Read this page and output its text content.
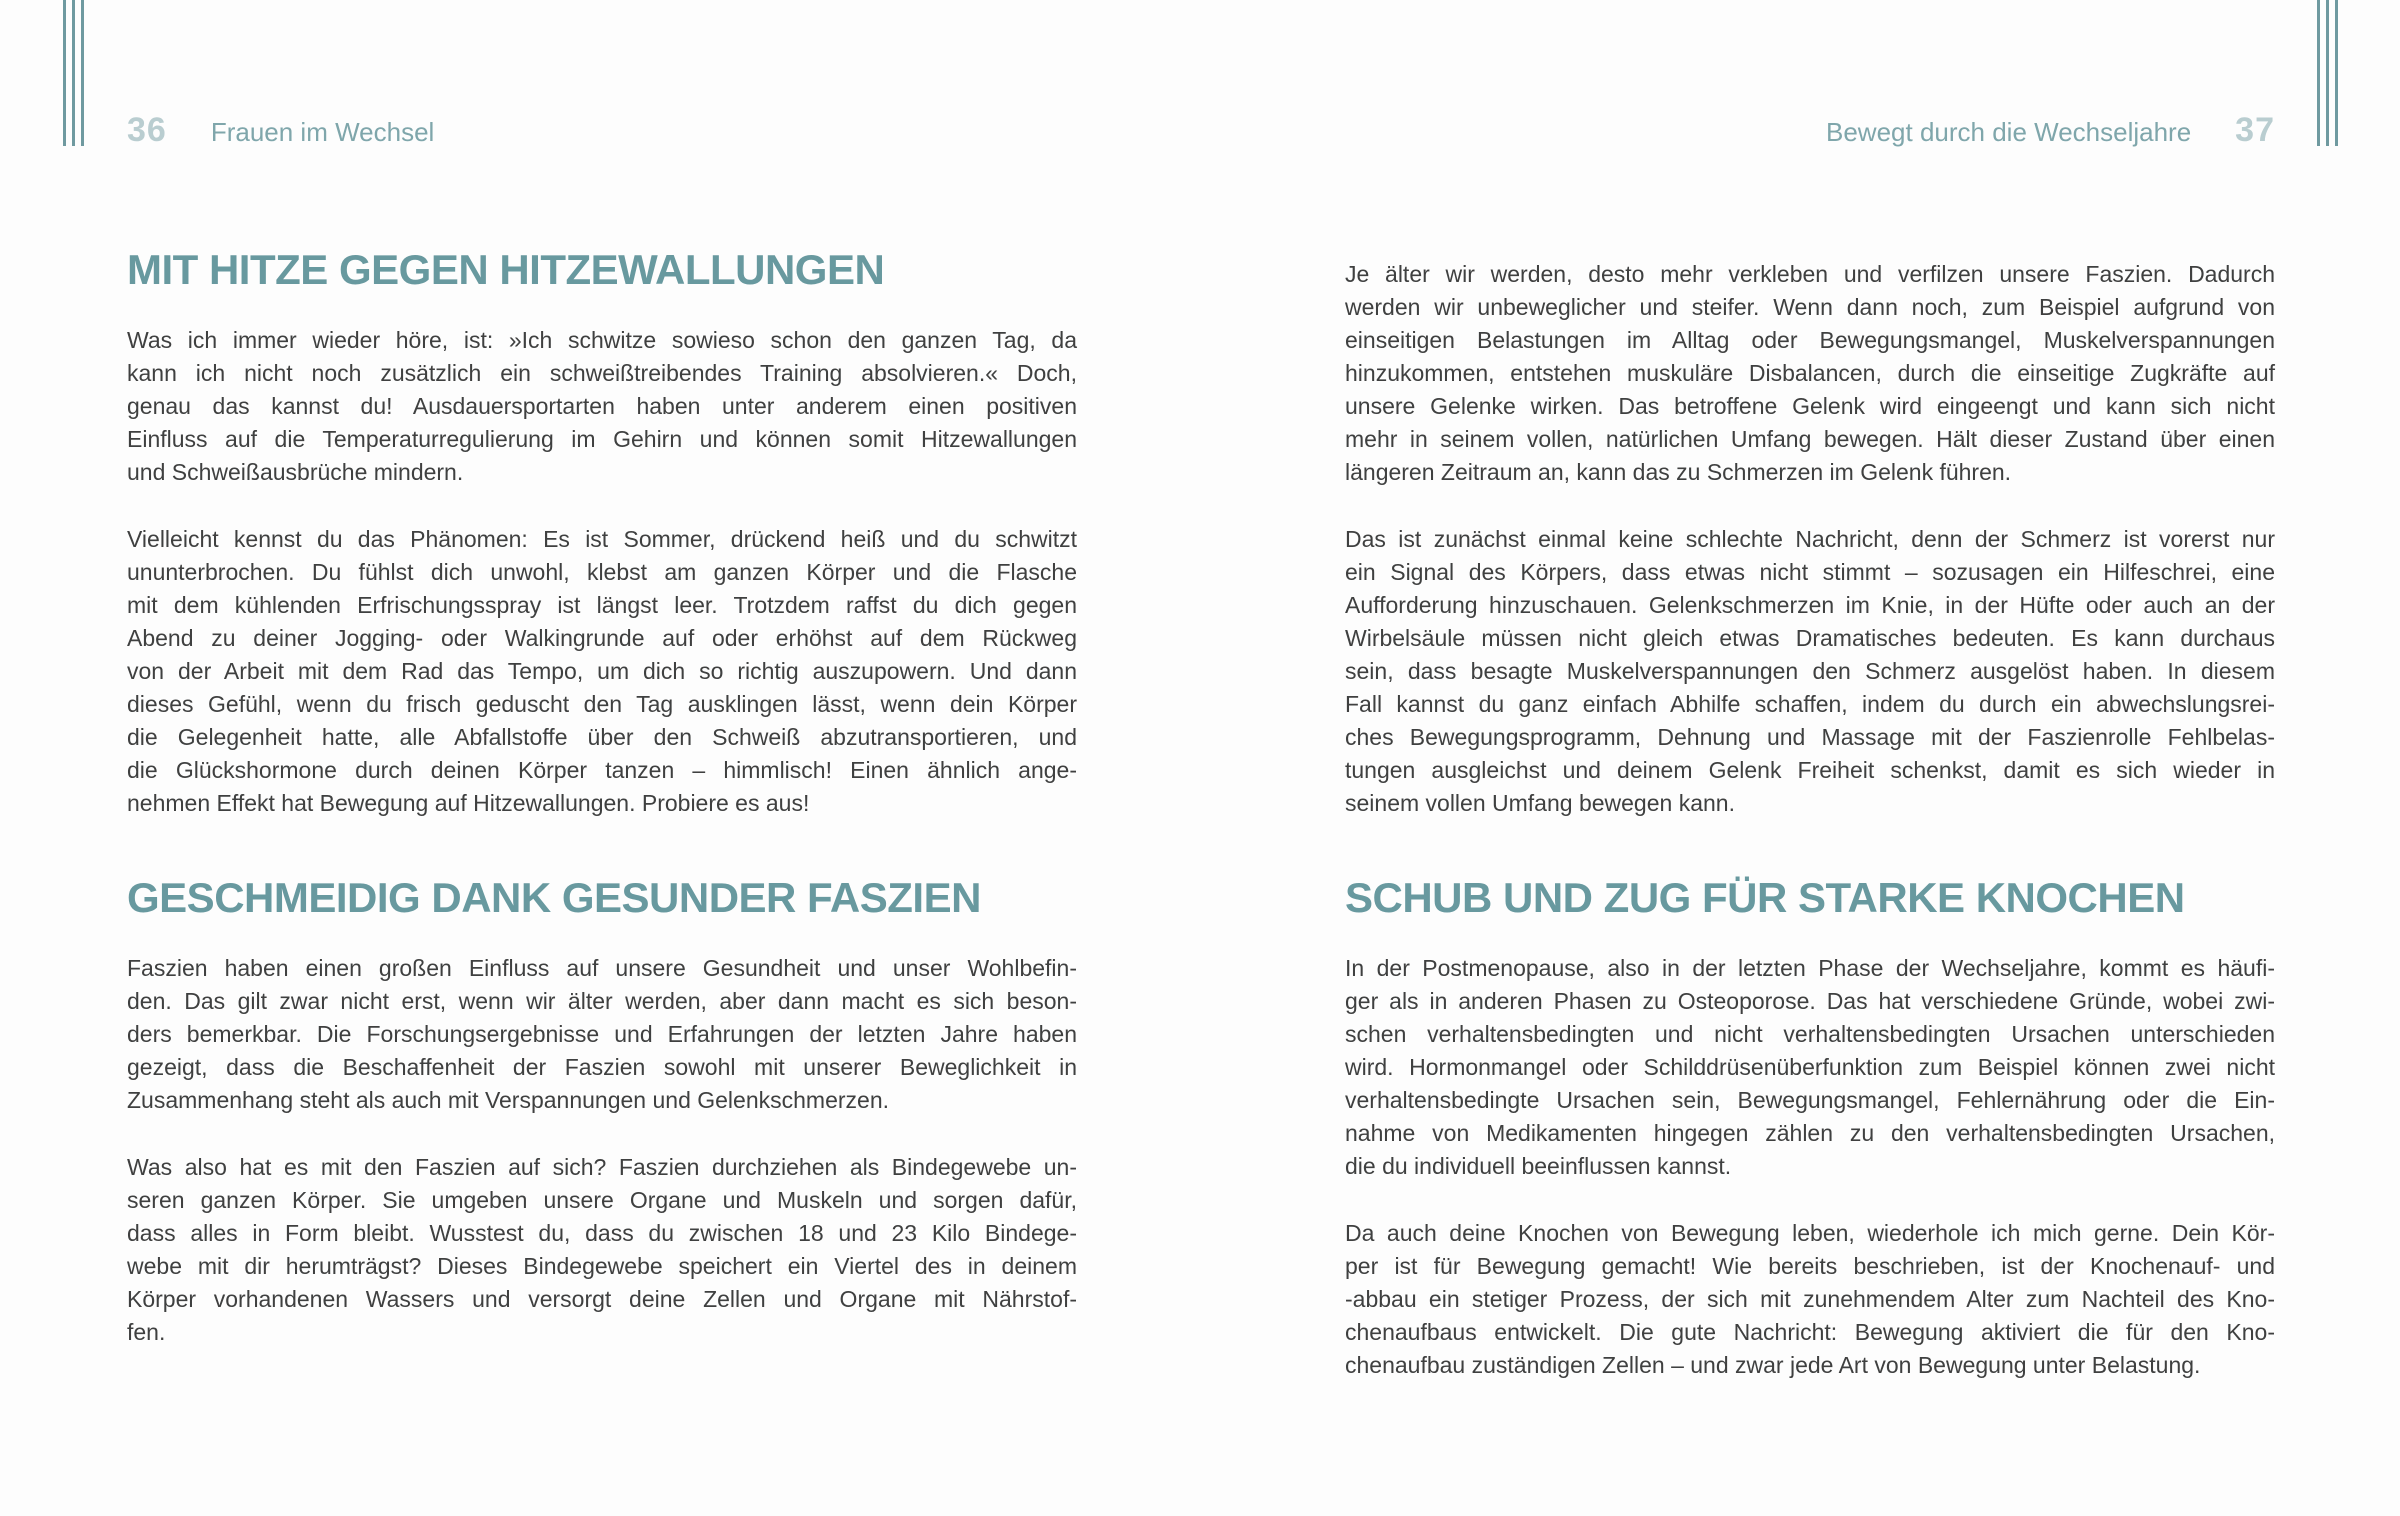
36 Frauen im Wechsel
MIT HITZE GEGEN HITZEWALLUNGEN
Was ich immer wieder höre, ist: »Ich schwitze sowieso schon den ganzen Tag, da
kann ich nicht noch zusätzlich ein schweißtreibendes Training absolvieren.« Doch,
genau das kannst du! Ausdauersportarten haben unter anderem einen positiven
Einfluss auf die Temperaturregulierung im Gehirn und können somit Hitzewallungen
und Schweißausbrüche mindern.
Vielleicht kennst du das Phänomen: Es ist Sommer, drückend heiß und du schwitzt
ununterbrochen. Du fühlst dich unwohl, klebst am ganzen Körper und die Flasche
mit dem kühlenden Erfrischungsspray ist längst leer. Trotzdem raffst du dich gegen
Abend zu deiner Jogging- oder Walkingrunde auf oder erhöhst auf dem Rückweg
von der Arbeit mit dem Rad das Tempo, um dich so richtig auszupowern. Und dann
dieses Gefühl, wenn du frisch geduscht den Tag ausklingen lässt, wenn dein Körper
die Gelegenheit hatte, alle Abfallstoffe über den Schweiß abzutransportieren, und
die Glückshormone durch deinen Körper tanzen – himmlisch! Einen ähnlich ange-
nehmen Effekt hat Bewegung auf Hitzewallungen. Probiere es aus!
GESCHMEIDIG DANK GESUNDER FASZIEN
Faszien haben einen großen Einfluss auf unsere Gesundheit und unser Wohlbefin-
den. Das gilt zwar nicht erst, wenn wir älter werden, aber dann macht es sich beson-
ders bemerkbar. Die Forschungsergebnisse und Erfahrungen der letzten Jahre haben
gezeigt, dass die Beschaffenheit der Faszien sowohl mit unserer Beweglichkeit in
Zusammenhang steht als auch mit Verspannungen und Gelenkschmerzen.
Was also hat es mit den Faszien auf sich? Faszien durchziehen als Bindegewebe un-
seren ganzen Körper. Sie umgeben unsere Organe und Muskeln und sorgen dafür,
dass alles in Form bleibt. Wusstest du, dass du zwischen 18 und 23 Kilo Bindege-
webe mit dir herumträgst? Dieses Bindegewebe speichert ein Viertel des in deinem
Körper vorhandenen Wassers und versorgt deine Zellen und Organe mit Nährstof-
fen.
Bewegt durch die Wechseljahre 37
Je älter wir werden, desto mehr verkleben und verfilzen unsere Faszien. Dadurch
werden wir unbeweglicher und steifer. Wenn dann noch, zum Beispiel aufgrund von
einseitigen Belastungen im Alltag oder Bewegungsmangel, Muskelverspannungen
hinzukommen, entstehen muskuläre Disbalancen, durch die einseitige Zugkräfte auf
unsere Gelenke wirken. Das betroffene Gelenk wird eingeengt und kann sich nicht
mehr in seinem vollen, natürlichen Umfang bewegen. Hält dieser Zustand über einen
längeren Zeitraum an, kann das zu Schmerzen im Gelenk führen.
Das ist zunächst einmal keine schlechte Nachricht, denn der Schmerz ist vorerst nur
ein Signal des Körpers, dass etwas nicht stimmt – sozusagen ein Hilfeschrei, eine
Aufforderung hinzuschauen. Gelenkschmerzen im Knie, in der Hüfte oder auch an der
Wirbelsäule müssen nicht gleich etwas Dramatisches bedeuten. Es kann durchaus
sein, dass besagte Muskelverspannungen den Schmerz ausgelöst haben. In diesem
Fall kannst du ganz einfach Abhilfe schaffen, indem du durch ein abwechslungsrei-
ches Bewegungsprogramm, Dehnung und Massage mit der Faszienrolle Fehlbelas-
tungen ausgleichst und deinem Gelenk Freiheit schenkst, damit es sich wieder in
seinem vollen Umfang bewegen kann.
SCHUB UND ZUG FÜR STARKE KNOCHEN
In der Postmenopause, also in der letzten Phase der Wechseljahre, kommt es häufi-
ger als in anderen Phasen zu Osteoporose. Das hat verschiedene Gründe, wobei zwi-
schen verhaltensbedingten und nicht verhaltensbedingten Ursachen unterschieden
wird. Hormonmangel oder Schilddrüsenüberfunktion zum Beispiel können zwei nicht
verhaltensbedingte Ursachen sein, Bewegungsmangel, Fehlernährung oder die Ein-
nahme von Medikamenten hingegen zählen zu den verhaltensbedingten Ursachen,
die du individuell beeinflussen kannst.
Da auch deine Knochen von Bewegung leben, wiederhole ich mich gerne. Dein Kör-
per ist für Bewegung gemacht! Wie bereits beschrieben, ist der Knochenauf- und
-abbau ein stetiger Prozess, der sich mit zunehmendem Alter zum Nachteil des Kno-
chenaufbaus entwickelt. Die gute Nachricht: Bewegung aktiviert die für den Kno-
chenaufbau zuständigen Zellen – und zwar jede Art von Bewegung unter Belastung.
